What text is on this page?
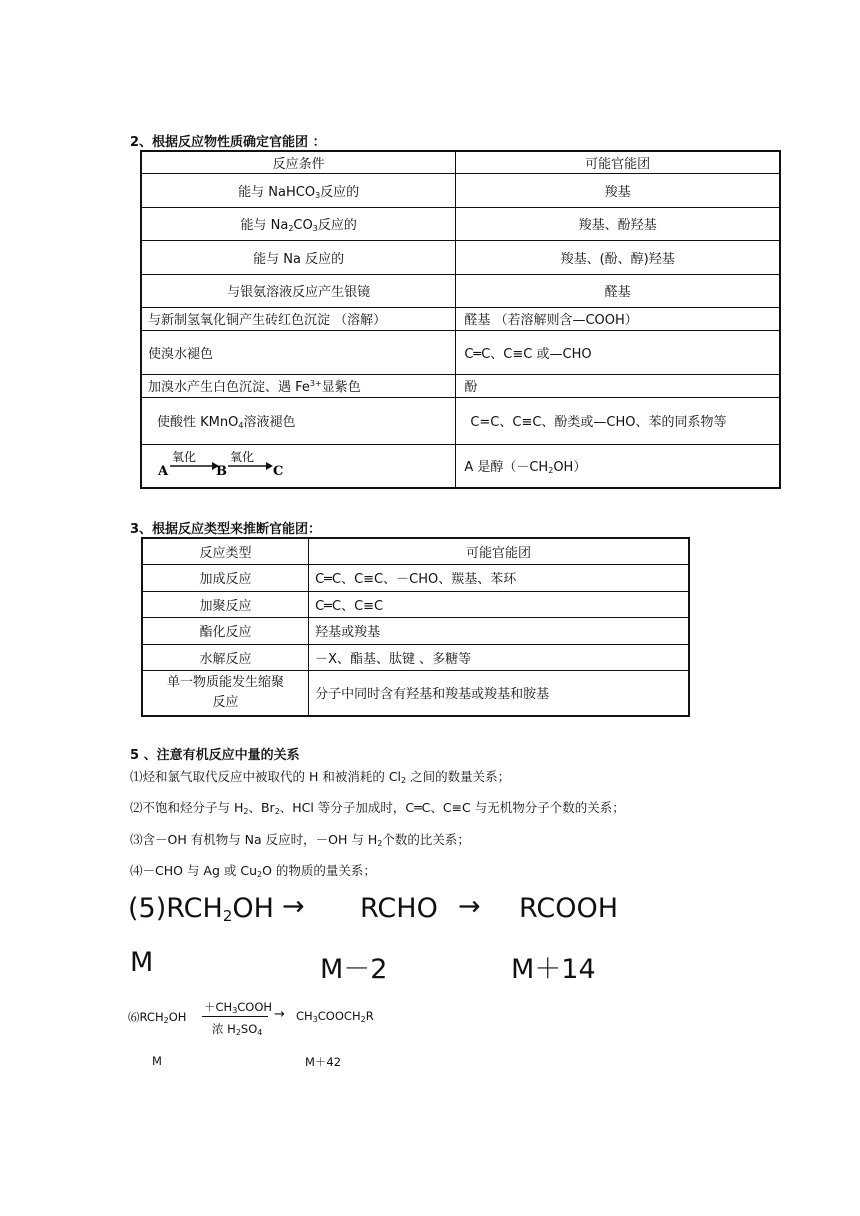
2、根据反应物性质确定官能团 ：
反应条件	可能官能团
能与 NaHCO$_3$反应的	羧基
能与 $Na_2CO_3$反应的	羧基、酚羟基
能与 Na 反应的	羧基、(酚、醇)羟基
与银氨溶液反应产生银镜	醛基
与新制氢氧化铜产生砖红色沉淀 （溶解）	醛基 （若溶解则含—COOH）
使溴水褪色	C═C、C≡C 或—CHO
加溴水产生白色沉淀、遇 $Fe^{3+}$显紫色	酚
使酸性 KMnO$_4$溶液褪色	C=C、C≡C、酚类或—CHO、苯的同系物等

A
氧化
B
氧化
C	A 是醇$(-CH_2OH)$
3、根据反应类型来推断官能团：
反应类型	可能官能团
加成反应	C═C、C≡C、－CHO、羰基、苯环
加聚反应	C═C、C≡C
酯化反应	羟基或羧基
水解反应	－X、酯基、肽键 、多糖等

单一物质能发生缩聚
反应	分子中同时含有羟基和羧基或羧基和胺基
5 、注意有机反应中量的关系
⑴烃和氯气取代反应中被取代的 H 和被消耗的 $Cl_2$ 之间的数量关系；
⑵不饱和烃分子与 $H_2$、$Br_2$、HCl 等分子加成时，C═C、C≡C 与无机物分子个数的关系；
⑶含－OH 有机物与 Na 反应时，－OH 与 $H_2$个数的比关系；
⑷－CHO 与 Ag 或 $Cu_2O$ 的物质的量关系；
$(5)RCH_2OH$ → RCHO → RCOOH
M	M－2	M＋14
$⑹RCH_2OH$
$+CH_3COOH$
浓 $H_2SO_4$
→ $CH_3COOCH_2R$
M	M＋42
